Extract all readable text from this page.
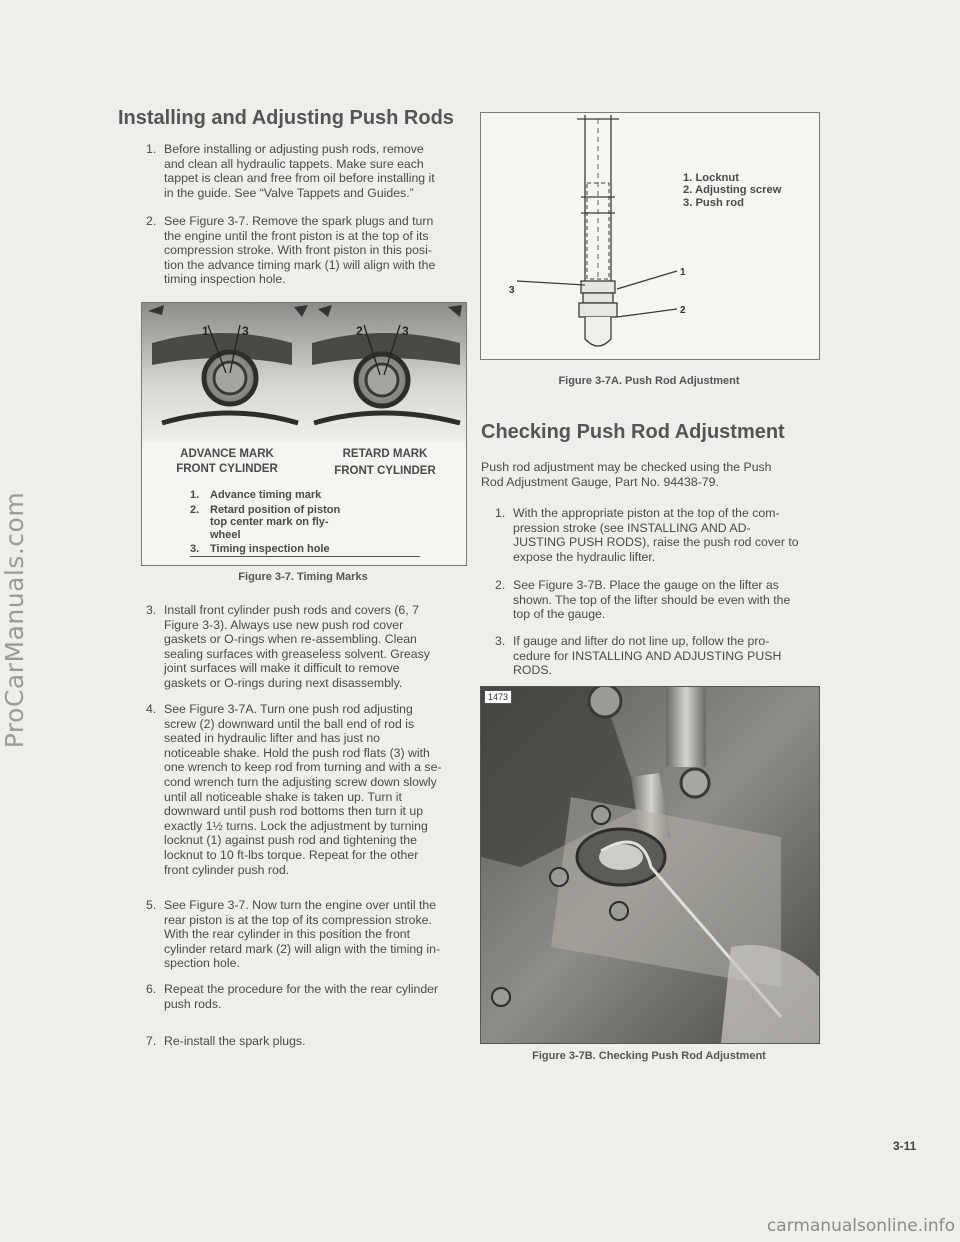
ProCarManuals.com
carmanualsonline.info
Installing and Adjusting Push Rods
1. Before installing or adjusting push rods, remove
and clean all hydraulic tappets. Make sure each
tappet is clean and free from oil before installing it
in the guide. See “Valve Tappets and Guides.”
2. See Figure 3-7. Remove the spark plugs and turn
the engine until the front piston is at the top of its
compression stroke. With front piston in this posi-
tion the advance timing mark (1) will align with the
timing inspection hole.
1	3	2	3
ADVANCE MARK
FRONT CYLINDER
RETARD MARK
FRONT CYLINDER
1. Advance timing mark
2. Retard position of piston
top center mark on fly-
wheel
3. Timing inspection hole
Figure 3-7. Timing Marks
3. Install front cylinder push rods and covers (6, 7
Figure 3-3). Always use new push rod cover
gaskets or O-rings when re-assembling. Clean
sealing surfaces with greaseless solvent. Greasy
joint surfaces will make it difficult to remove
gaskets or O-rings during next disassembly.
4. See Figure 3-7A. Turn one push rod adjusting
screw (2) downward until the ball end of rod is
seated in hydraulic lifter and has just no
noticeable shake. Hold the push rod flats (3) with
one wrench to keep rod from turning and with a se-
cond wrench turn the adjusting screw down slowly
until all noticeable shake is taken up. Turn it
downward until push rod bottoms then turn it up
exactly 1½ turns. Lock the adjustment by turning
locknut (1) against push rod and tightening the
locknut to 10 ft-lbs torque. Repeat for the other
front cylinder push rod.
5. See Figure 3-7. Now turn the engine over until the
rear piston is at the top of its compression stroke.
With the rear cylinder in this position the front
cylinder retard mark (2) will align with the timing in-
spection hole.
6. Repeat the procedure for the with the rear cylinder
push rods.
7. Re-install the spark plugs.
3
1
2
1. Locknut
2. Adjusting screw
3. Push rod
Figure 3-7A. Push Rod Adjustment
Checking Push Rod Adjustment
Push rod adjustment may be checked using the Push
Rod Adjustment Gauge, Part No. 94438-79.
1. With the appropriate piston at the top of the com-
pression stroke (see INSTALLING AND AD-
JUSTING PUSH RODS), raise the push rod cover to
expose the hydraulic lifter.
2. See Figure 3-7B. Place the gauge on the lifter as
shown. The top of the lifter should be even with the
top of the gauge.
3. If gauge and lifter do not line up, follow the pro-
cedure for INSTALLING AND ADJUSTING PUSH
RODS.
1473
Figure 3-7B. Checking Push Rod Adjustment
3-11
